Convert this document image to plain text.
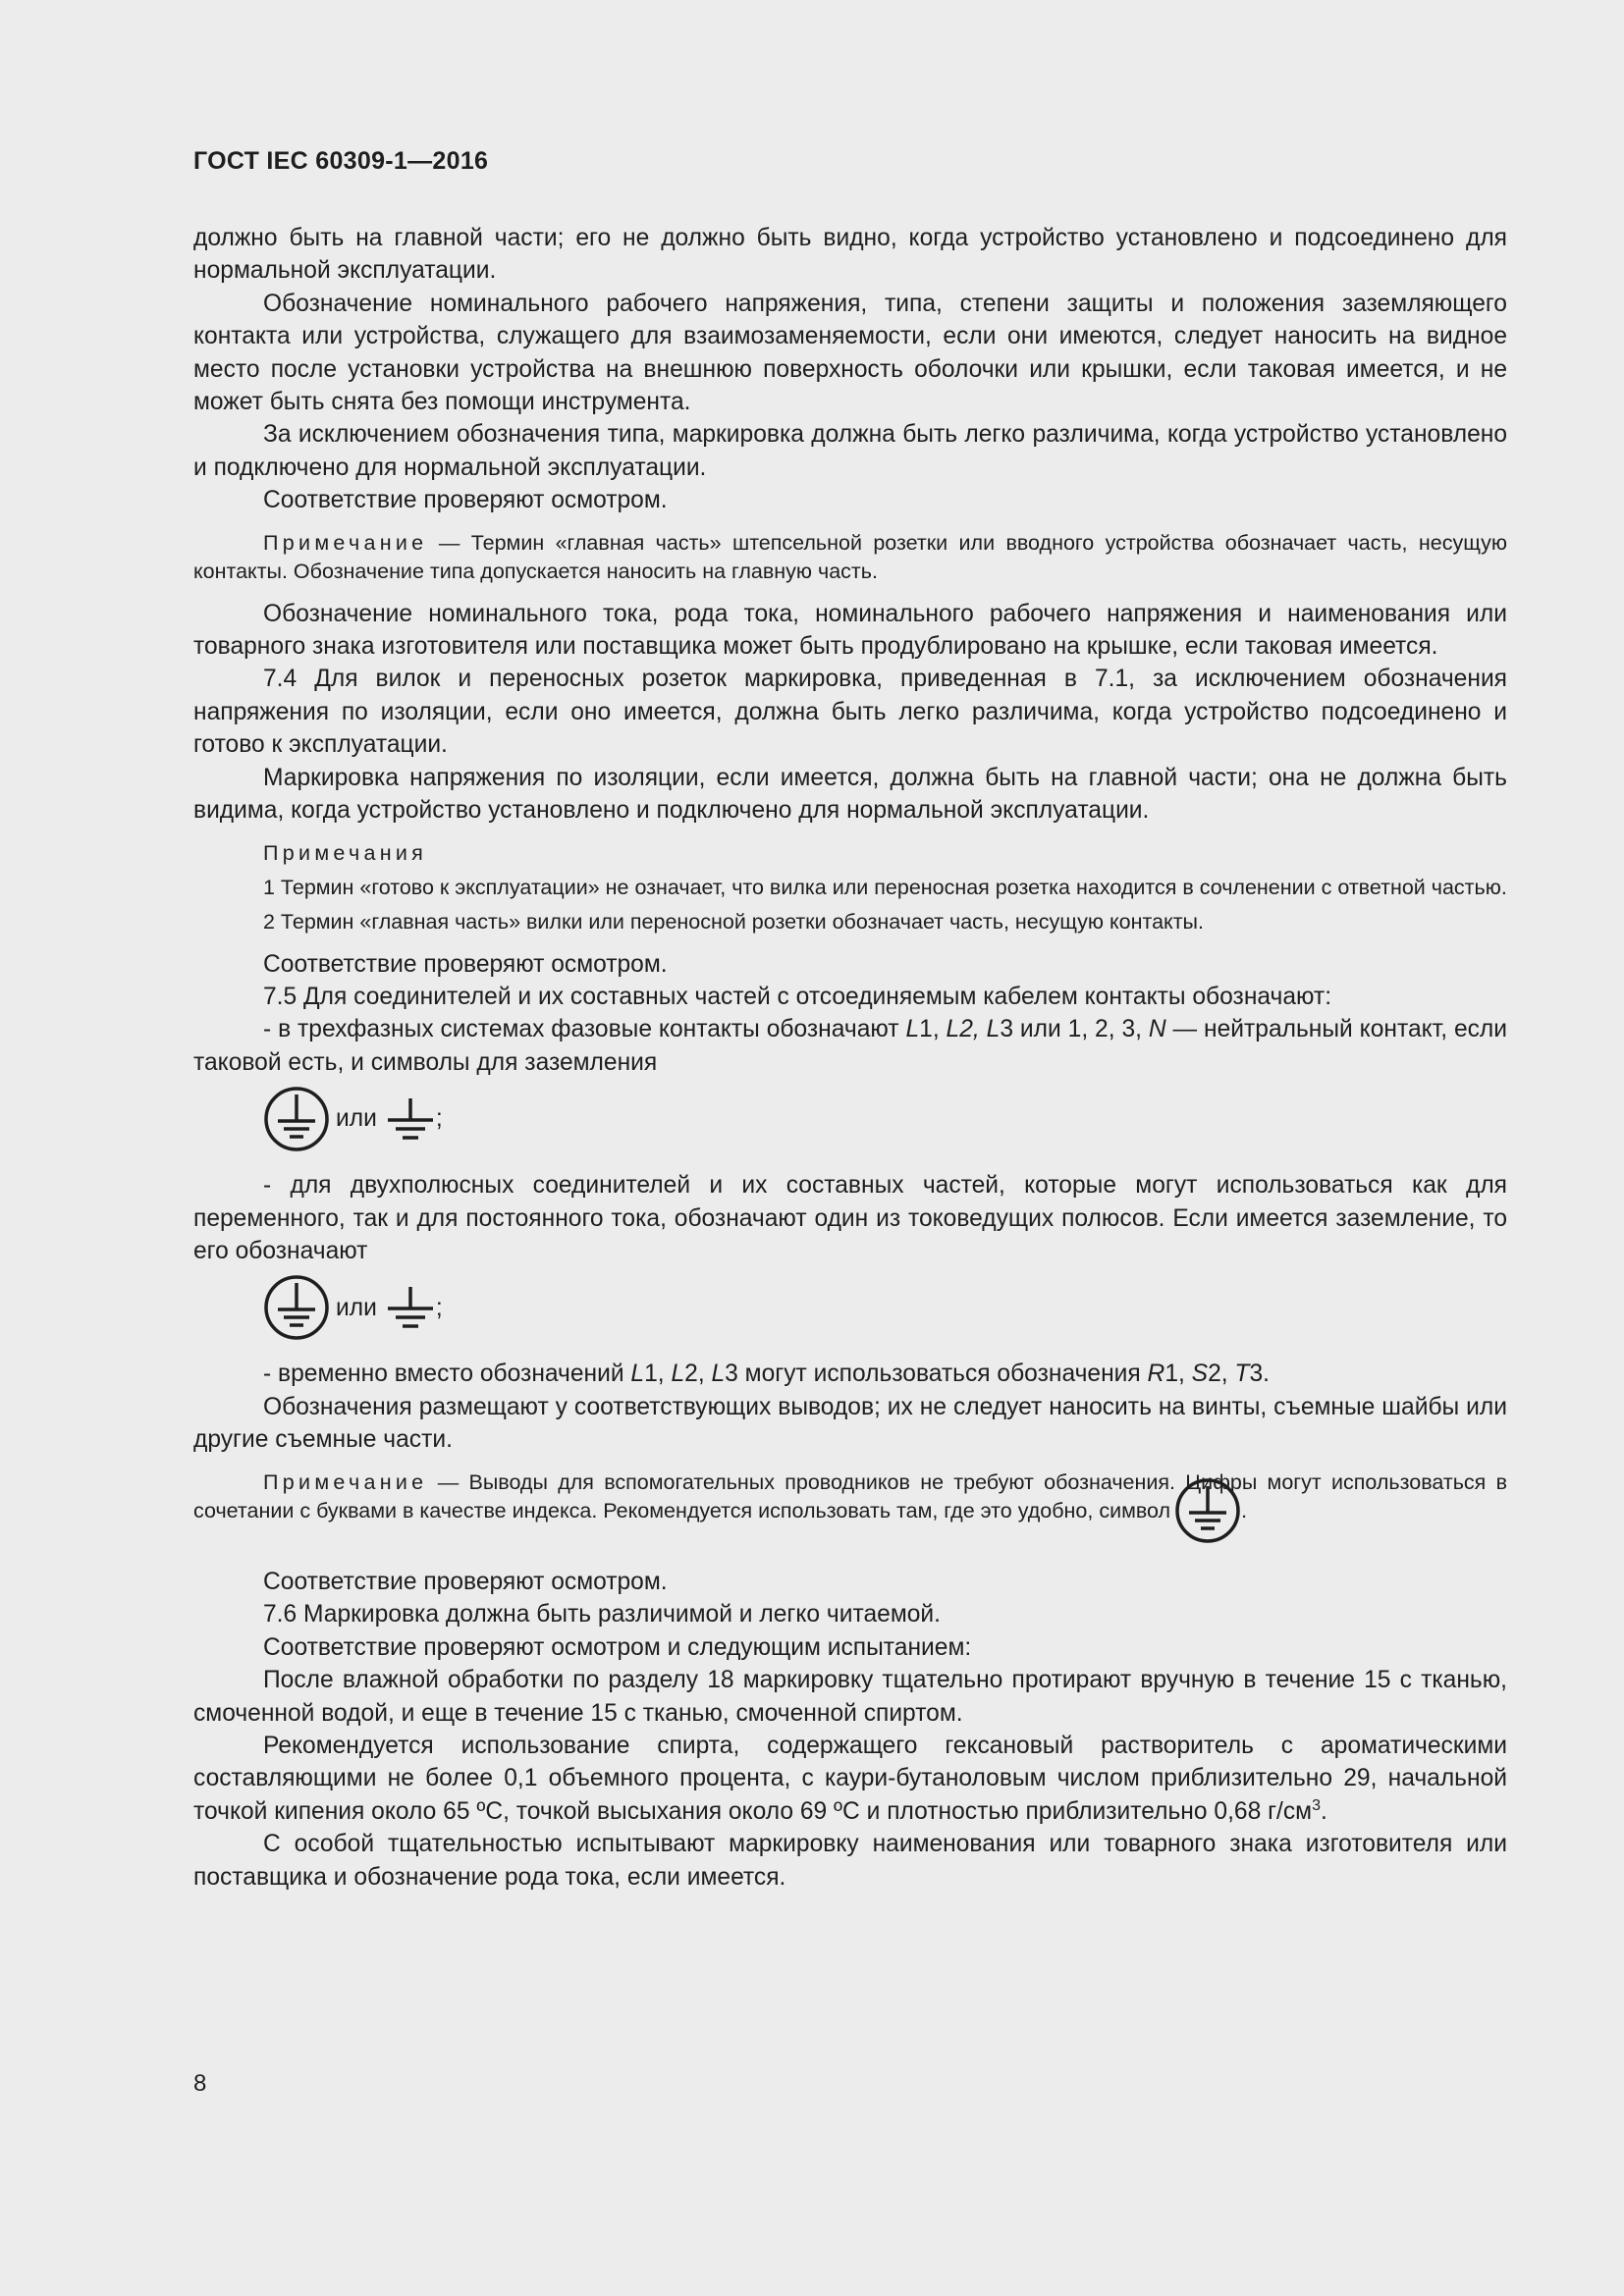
ГОСТ IEC 60309-1—2016

должно быть на главной части; его не должно быть видно, когда устройство установлено и подсоединено для нормальной эксплуатации.

Обозначение номинального рабочего напряжения, типа, степени защиты и положения заземляющего контакта или устройства, служащего для взаимозаменяемости, если они имеются, следует наносить на видное место после установки устройства на внешнюю поверхность оболочки или крышки, если таковая имеется, и не может быть снята без помощи инструмента.

За исключением обозначения типа, маркировка должна быть легко различима, когда устройство установлено и подключено для нормальной эксплуатации.

Соответствие проверяют осмотром.

Примечание — Термин «главная часть» штепсельной розетки или вводного устройства обозначает часть, несущую контакты. Обозначение типа допускается наносить на главную часть.

Обозначение номинального тока, рода тока, номинального рабочего напряжения и наименования или товарного знака изготовителя или поставщика может быть продублировано на крышке, если таковая имеется.

7.4 Для вилок и переносных розеток маркировка, приведенная в 7.1, за исключением обозначения напряжения по изоляции, если оно имеется, должна быть легко различима, когда устройство подсоединено и готово к эксплуатации.

Маркировка напряжения по изоляции, если имеется, должна быть на главной части; она не должна быть видима, когда устройство установлено и подключено для нормальной эксплуатации.

Примечания

1 Термин «готово к эксплуатации» не означает, что вилка или переносная розетка находится в сочленении с ответной частью.

2 Термин «главная часть» вилки или переносной розетки обозначает часть, несущую контакты.

Соответствие проверяют осмотром.

7.5 Для соединителей и их составных частей с отсоединяемым кабелем контакты обозначают:

- в трехфазных системах фазовые контакты обозначают L1, L2, L3 или 1, 2, 3, N — нейтральный контакт, если таковой есть, и символы для заземления

или ;

- для двухполюсных соединителей и их составных частей, которые могут использоваться как для переменного, так и для постоянного тока, обозначают один из токоведущих полюсов. Если имеется заземление, то его обозначают

или ;

- временно вместо обозначений L1, L2, L3 могут использоваться обозначения R1, S2, T3.

Обозначения размещают у соответствующих выводов; их не следует наносить на винты, съемные шайбы или другие съемные части.

Примечание — Выводы для вспомогательных проводников не требуют обозначения. Цифры могут использоваться в сочетании с буквами в качестве индекса. Рекомендуется использовать там, где это удобно, символ	.

Соответствие проверяют осмотром.

7.6 Маркировка должна быть различимой и легко читаемой.

Соответствие проверяют осмотром и следующим испытанием:

После влажной обработки по разделу 18 маркировку тщательно протирают вручную в течение 15 с тканью, смоченной водой, и еще в течение 15 с тканью, смоченной спиртом.

Рекомендуется использование спирта, содержащего гексановый растворитель с ароматическими составляющими не более 0,1 объемного процента, с каури-бутаноловым числом приблизительно 29, начальной точкой кипения около 65 ºС, точкой высыхания около 69 ºС и плотностью приблизительно 0,68 $г/см^3$.

С особой тщательностью испытывают маркировку наименования или товарного знака изготовителя или поставщика и обозначение рода тока, если имеется.

8
